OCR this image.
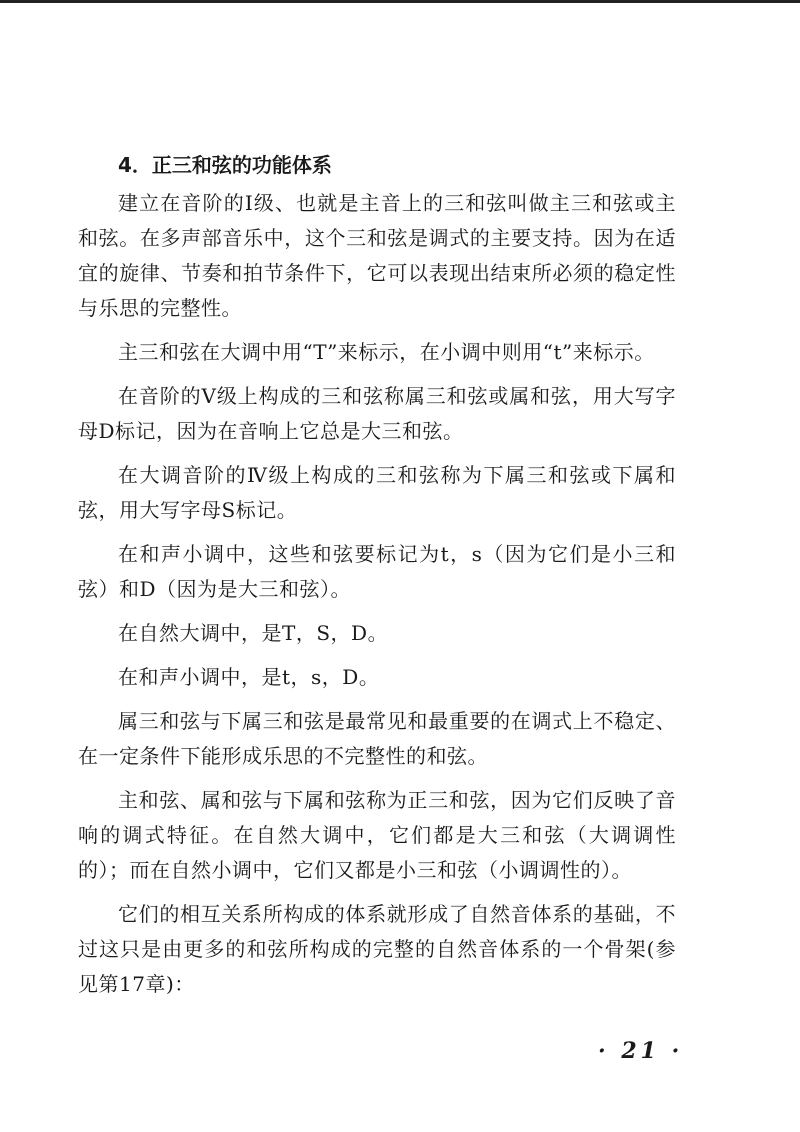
4．正三和弦的功能体系

建立在音阶的Ⅰ级、也就是主音上的三和弦叫做主三和弦或主和弦。在多声部音乐中，这个三和弦是调式的主要支持。因为在适宜的旋律、节奏和拍节条件下，它可以表现出结束所必须的稳定性与乐思的完整性。

主三和弦在大调中用“T”来标示，在小调中则用“t”来标示。

在音阶的Ⅴ级上构成的三和弦称属三和弦或属和弦，用大写字母D标记，因为在音响上它总是大三和弦。

在大调音阶的Ⅳ级上构成的三和弦称为下属三和弦或下属和弦，用大写字母S标记。

在和声小调中，这些和弦要标记为t，s（因为它们是小三和弦）和D（因为是大三和弦）。

在自然大调中，是T，S，D。

在和声小调中，是t，s，D。

属三和弦与下属三和弦是最常见和最重要的在调式上不稳定、在一定条件下能形成乐思的不完整性的和弦。

主和弦、属和弦与下属和弦称为正三和弦，因为它们反映了音响的调式特征。在自然大调中，它们都是大三和弦（大调调性的）；而在自然小调中，它们又都是小三和弦（小调调性的）。

它们的相互关系所构成的体系就形成了自然音体系的基础，不过这只是由更多的和弦所构成的完整的自然音体系的一个骨架(参见第17章)：

· 21 ·
